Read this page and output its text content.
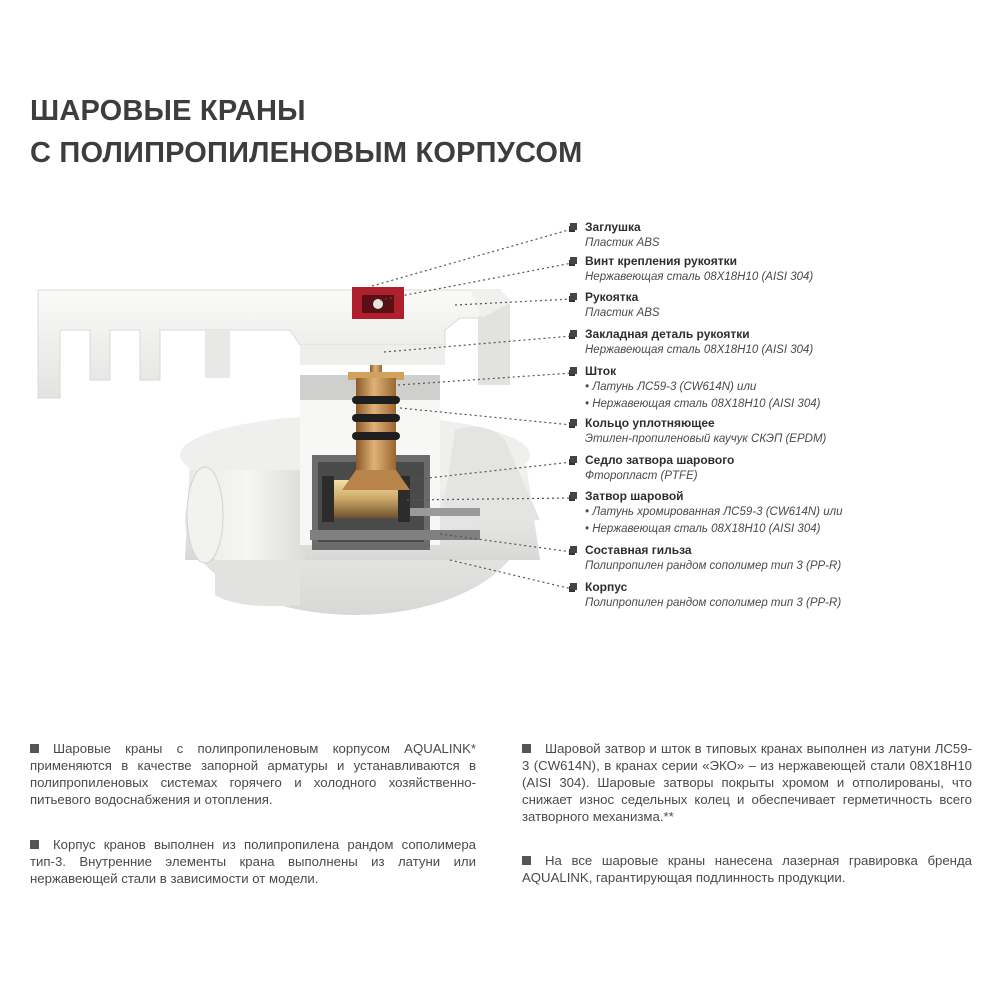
ШАРОВЫЕ КРАНЫ
С ПОЛИПРОПИЛЕНОВЫМ КОРПУСОМ
Заглушка
Пластик ABS
Винт крепления рукоятки
Нержавеющая сталь 08Х18Н10 (AISI 304)
Рукоятка
Пластик ABS
Закладная деталь рукоятки
Нержавеющая сталь 08Х18Н10 (AISI 304)
Шток
• Латунь ЛС59-3 (CW614N) или
• Нержавеющая сталь 08Х18Н10 (AISI 304)
Кольцо уплотняющее
Этилен-пропиленовый каучук СКЭП (EPDM)
Седло затвора шарового
Фторопласт (PTFE)
Затвор шаровой
• Латунь хромированная ЛС59-3 (CW614N) или
• Нержавеющая сталь 08Х18Н10 (AISI 304)
Составная гильза
Полипропилен рандом сополимер тип 3 (PP-R)
Корпус
Полипропилен рандом сополимер тип 3 (PP-R)

Шаровые краны с полипропиленовым корпусом AQUALINK* применяются в качестве запорной арматуры и устанавливаются в полипропиленовых системах горячего и холодного хозяйственно-питьевого водоснабжения и отопления.

Корпус кранов выполнен из полипропилена рандом сополимера тип-3. Внутренние элементы крана выполнены из латуни или нержавеющей стали в зависимости от модели.

Шаровой затвор и шток в типовых кранах выполнен из латуни ЛС59-3 (CW614N), в кранах серии «ЭКО» – из нержавеющей стали 08Х18Н10 (AISI 304). Шаровые затворы покрыты хромом и отполированы, что снижает износ седельных колец и обеспечивает герметичность всего затворного механизма.**

На все шаровые краны нанесена лазерная гравировка бренда AQUALINK, гарантирующая подлинность продукции.
